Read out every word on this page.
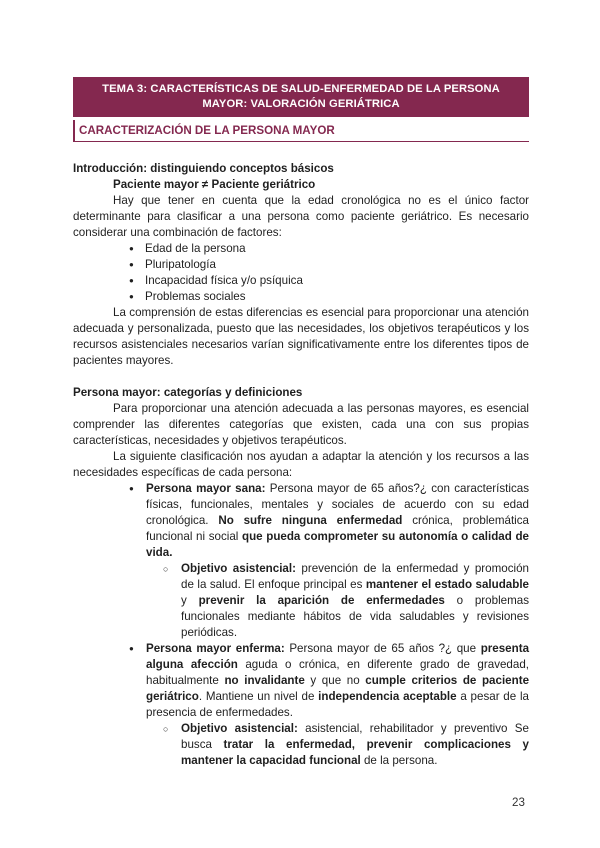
TEMA 3: CARACTERÍSTICAS DE SALUD-ENFERMEDAD DE LA PERSONA
MAYOR: VALORACIÓN GERIÁTRICA
CARACTERIZACIÓN DE LA PERSONA MAYOR

Introducción: distinguiendo conceptos básicos

Paciente mayor ≠ Paciente geriátrico

Hay que tener en cuenta que la edad cronológica no es el único factor determinante para clasificar a una persona como paciente geriátrico. Es necesario considerar una combinación de factores:

● Edad de la persona
● Pluripatología
● Incapacidad física y/o psíquica
● Problemas sociales

La comprensión de estas diferencias es esencial para proporcionar una atención adecuada y personalizada, puesto que las necesidades, los objetivos terapéuticos y los recursos asistenciales necesarios varían significativamente entre los diferentes tipos de pacientes mayores.

Persona mayor: categorías y definiciones

Para proporcionar una atención adecuada a las personas mayores, es esencial comprender las diferentes categorías que existen, cada una con sus propias características, necesidades y objetivos terapéuticos.

La siguiente clasificación nos ayudan a adaptar la atención y los recursos a las necesidades específicas de cada persona:

● Persona mayor sana: Persona mayor de 65 años?¿ con características físicas, funcionales, mentales y sociales de acuerdo con su edad cronológica. No sufre ninguna enfermedad crónica, problemática funcional ni social que pueda comprometer su autonomía o calidad de vida.
○ Objetivo asistencial: prevención de la enfermedad y promoción de la salud. El enfoque principal es mantener el estado saludable y prevenir la aparición de enfermedades o problemas funcionales mediante hábitos de vida saludables y revisiones periódicas.
● Persona mayor enferma: Persona mayor de 65 años ?¿ que presenta alguna afección aguda o crónica, en diferente grado de gravedad, habitualmente no invalidante y que no cumple criterios de paciente geriátrico. Mantiene un nivel de independencia aceptable a pesar de la presencia de enfermedades.
○ Objetivo asistencial: asistencial, rehabilitador y preventivo Se busca tratar la enfermedad, prevenir complicaciones y mantener la capacidad funcional de la persona.
23
